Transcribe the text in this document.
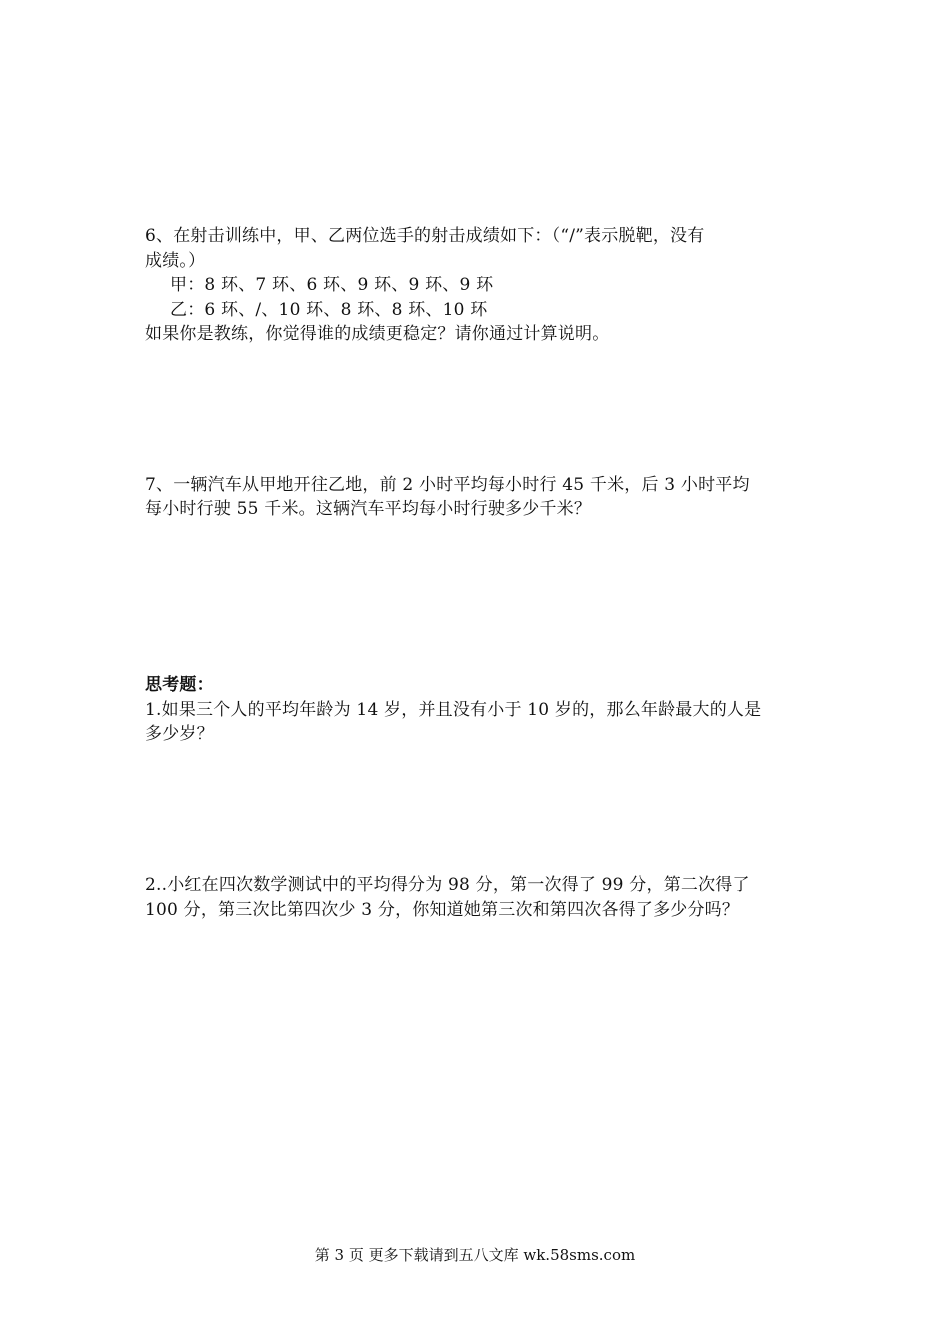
6、在射击训练中，甲、乙两位选手的射击成绩如下：（“/”表示脱靶，没有
成绩。）
甲：8 环、7 环、6 环、9 环、9 环、9 环
乙：6 环、/、10 环、8 环、8 环、10 环
如果你是教练，你觉得谁的成绩更稳定？请你通过计算说明。
7、一辆汽车从甲地开往乙地，前 2 小时平均每小时行 45 千米，后 3 小时平均
每小时行驶 55 千米。这辆汽车平均每小时行驶多少千米？
思考题：
1.如果三个人的平均年龄为 14 岁，并且没有小于 10 岁的，那么年龄最大的人是
多少岁？
2..小红在四次数学测试中的平均得分为 98 分，第一次得了 99 分，第二次得了
100 分，第三次比第四次少 3 分，你知道她第三次和第四次各得了多少分吗？
第 3 页 更多下载请到五八文库 wk.58sms.com
